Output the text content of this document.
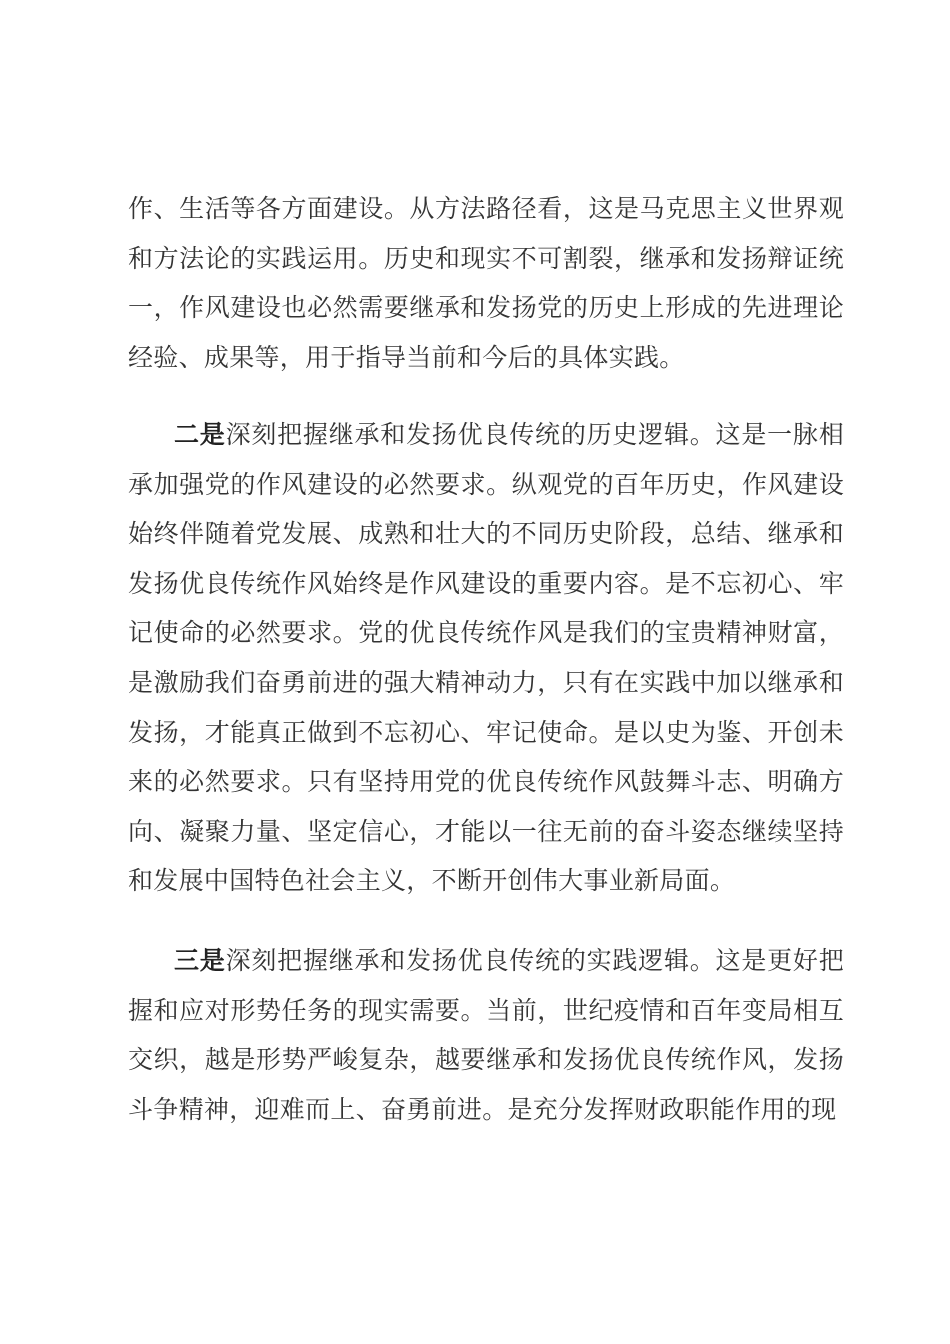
作、生活等各方面建设。从方法路径看，这是马克思主义世界观和方法论的实践运用。历史和现实不可割裂，继承和发扬辩证统一，作风建设也必然需要继承和发扬党的历史上形成的先进理论经验、成果等，用于指导当前和今后的具体实践。

二是深刻把握继承和发扬优良传统的历史逻辑。这是一脉相承加强党的作风建设的必然要求。纵观党的百年历史，作风建设始终伴随着党发展、成熟和壮大的不同历史阶段，总结、继承和发扬优良传统作风始终是作风建设的重要内容。是不忘初心、牢记使命的必然要求。党的优良传统作风是我们的宝贵精神财富，是激励我们奋勇前进的强大精神动力，只有在实践中加以继承和发扬，才能真正做到不忘初心、牢记使命。是以史为鉴、开创未来的必然要求。只有坚持用党的优良传统作风鼓舞斗志、明确方向、凝聚力量、坚定信心，才能以一往无前的奋斗姿态继续坚持和发展中国特色社会主义，不断开创伟大事业新局面。

三是深刻把握继承和发扬优良传统的实践逻辑。这是更好把握和应对形势任务的现实需要。当前，世纪疫情和百年变局相互交织，越是形势严峻复杂，越要继承和发扬优良传统作风，发扬斗争精神，迎难而上、奋勇前进。是充分发挥财政职能作用的现
